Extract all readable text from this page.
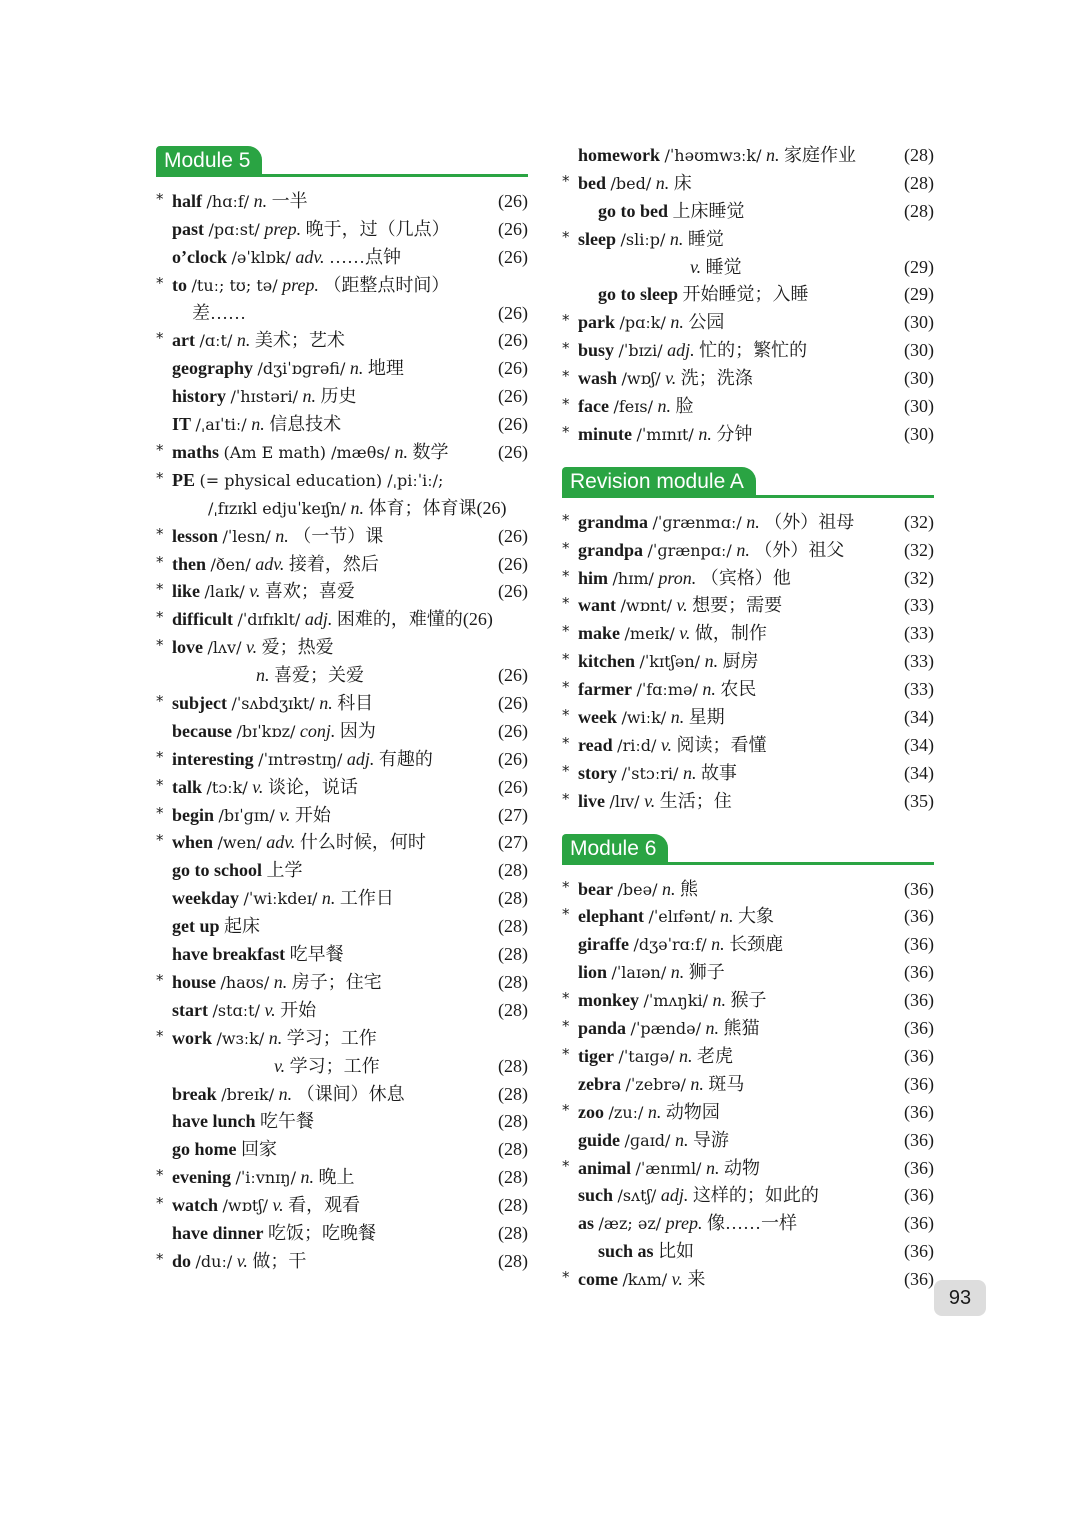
Module 5
* half /hɑːf/ n. 一半	(26)
past /pɑːst/ prep. 晚于，过（几点）	(26)
o’clock /əˈklɒk/ adv. ……点钟	(26)
* to /tuː; tʊ; tə/ prep. （距整点时间）
差……	(26)
* art /ɑːt/ n. 美术；艺术	(26)
geography /dʒiˈɒɡrəfi/ n. 地理	(26)
history /ˈhɪstəri/ n. 历史	(26)
IT /ˌaɪˈtiː/ n. 信息技术	(26)
* maths (Am E math) /mæθs/ n. 数学	(26)
* PE (= physical education) /ˌpiːˈiː/;
/ˌfɪzɪkl edjuˈkeɪʃn/ n. 体育；体育课(26)
* lesson /ˈlesn/ n. （一节）课	(26)
* then /ðen/ adv. 接着，然后	(26)
* like /laɪk/ v. 喜欢；喜爱	(26)
* difficult /ˈdɪfɪklt/ adj. 困难的，难懂的(26)
* love /lʌv/ v. 爱；热爱
n. 喜爱；关爱	(26)
* subject /ˈsʌbdʒɪkt/ n. 科目	(26)
because /bɪˈkɒz/ conj. 因为	(26)
* interesting /ˈɪntrəstɪŋ/ adj. 有趣的	(26)
* talk /tɔːk/ v. 谈论，说话	(26)
* begin /bɪˈɡɪn/ v. 开始	(27)
* when /wen/ adv. 什么时候，何时	(27)
go to school 上学	(28)
weekday /ˈwiːkdeɪ/ n. 工作日	(28)
get up 起床	(28)
have breakfast 吃早餐	(28)
* house /haʊs/ n. 房子；住宅	(28)
start /stɑːt/ v. 开始	(28)
* work /wɜːk/ n. 学习；工作
v. 学习；工作	(28)
break /breɪk/ n. （课间）休息	(28)
have lunch 吃午餐	(28)
go home 回家	(28)
* evening /ˈiːvnɪŋ/ n. 晚上	(28)
* watch /wɒtʃ/ v. 看，观看	(28)
have dinner 吃饭；吃晚餐	(28)
* do /duː/ v. 做；干	(28)
homework /ˈhəʊmwɜːk/ n. 家庭作业	(28)
* bed /bed/ n. 床	(28)
go to bed 上床睡觉	(28)
* sleep /sliːp/ n. 睡觉
v. 睡觉	(29)
go to sleep 开始睡觉；入睡	(29)
* park /pɑːk/ n. 公园	(30)
* busy /ˈbɪzi/ adj. 忙的；繁忙的	(30)
* wash /wɒʃ/ v. 洗；洗涤	(30)
* face /feɪs/ n. 脸	(30)
* minute /ˈmɪnɪt/ n. 分钟	(30)
Revision module A
* grandma /ˈɡrænmɑː/ n. （外）祖母	(32)
* grandpa /ˈɡrænpɑː/ n. （外）祖父	(32)
* him /hɪm/ pron. （宾格）他	(32)
* want /wɒnt/ v. 想要；需要	(33)
* make /meɪk/ v. 做，制作	(33)
* kitchen /ˈkɪtʃən/ n. 厨房	(33)
* farmer /ˈfɑːmə/ n. 农民	(33)
* week /wiːk/ n. 星期	(34)
* read /riːd/ v. 阅读；看懂	(34)
* story /ˈstɔːri/ n. 故事	(34)
* live /lɪv/ v. 生活；住	(35)
Module 6
* bear /beə/ n. 熊	(36)
* elephant /ˈelɪfənt/ n. 大象	(36)
giraffe /dʒəˈrɑːf/ n. 长颈鹿	(36)
lion /ˈlaɪən/ n. 狮子	(36)
* monkey /ˈmʌŋki/ n. 猴子	(36)
* panda /ˈpændə/ n. 熊猫	(36)
* tiger /ˈtaɪɡə/ n. 老虎	(36)
zebra /ˈzebrə/ n. 斑马	(36)
* zoo /zuː/ n. 动物园	(36)
guide /ɡaɪd/ n. 导游	(36)
* animal /ˈænɪml/ n. 动物	(36)
such /sʌtʃ/ adj. 这样的；如此的	(36)
as /æz; əz/ prep. 像……一样	(36)
such as 比如	(36)
* come /kʌm/ v. 来	(36)
93
